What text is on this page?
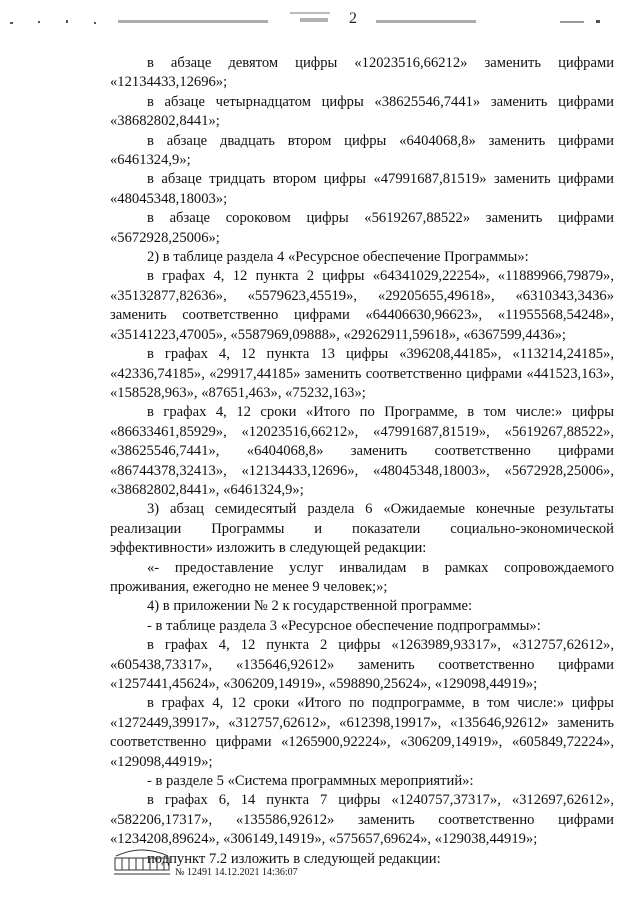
2

в абзаце девятом цифры «12023516,66212» заменить цифрами «12134433,12696»;

в абзаце четырнадцатом цифры «38625546,7441» заменить цифрами «38682802,8441»;

в абзаце двадцать втором цифры «6404068,8» заменить цифрами «6461324,9»;

в абзаце тридцать втором цифры «47991687,81519» заменить цифрами «48045348,18003»;

в абзаце сороковом цифры «5619267,88522» заменить цифрами «5672928,25006»;

2) в таблице раздела 4 «Ресурсное обеспечение Программы»:

в графах 4, 12 пункта 2 цифры «64341029,22254», «11889966,79879», «35132877,82636», «5579623,45519», «29205655,49618», «6310343,3436» заменить соответственно цифрами «64406630,96623», «11955568,54248», «35141223,47005», «5587969,09888», «29262911,59618», «6367599,4436»;

в графах 4, 12 пункта 13 цифры «396208,44185», «113214,24185», «42336,74185», «29917,44185» заменить соответственно цифрами «441523,163», «158528,963», «87651,463», «75232,163»;

в графах 4, 12 сроки «Итого по Программе, в том числе:» цифры «86633461,85929», «12023516,66212», «47991687,81519», «5619267,88522», «38625546,7441», «6404068,8» заменить соответственно цифрами «86744378,32413», «12134433,12696», «48045348,18003», «5672928,25006», «38682802,8441», «6461324,9»;

3) абзац семидесятый раздела 6 «Ожидаемые конечные результаты реализации Программы и показатели социально-экономической эффективности» изложить в следующей редакции:

«- предоставление услуг инвалидам в рамках сопровождаемого проживания, ежегодно не менее 9 человек;»;

4) в приложении № 2 к государственной программе:

- в таблице раздела 3 «Ресурсное обеспечение подпрограммы»:

в графах 4, 12 пункта 2 цифры «1263989,93317», «312757,62612», «605438,73317», «135646,92612» заменить соответственно цифрами «1257441,45624», «306209,14919», «598890,25624», «129098,44919»;

в графах 4, 12 сроки «Итого по подпрограмме, в том числе:» цифры «1272449,39917», «312757,62612», «612398,19917», «135646,92612» заменить соответственно цифрами «1265900,92224», «306209,14919», «605849,72224», «129098,44919»;

- в разделе 5 «Система программных мероприятий»:

в графах 6, 14 пункта 7 цифры «1240757,37317», «312697,62612», «582206,17317», «135586,92612» заменить соответственно цифрами «1234208,89624», «306149,14919», «575657,69624», «129038,44919»;

подпункт 7.2 изложить в следующей редакции:

№ 12491 14.12.2021 14:36:07
